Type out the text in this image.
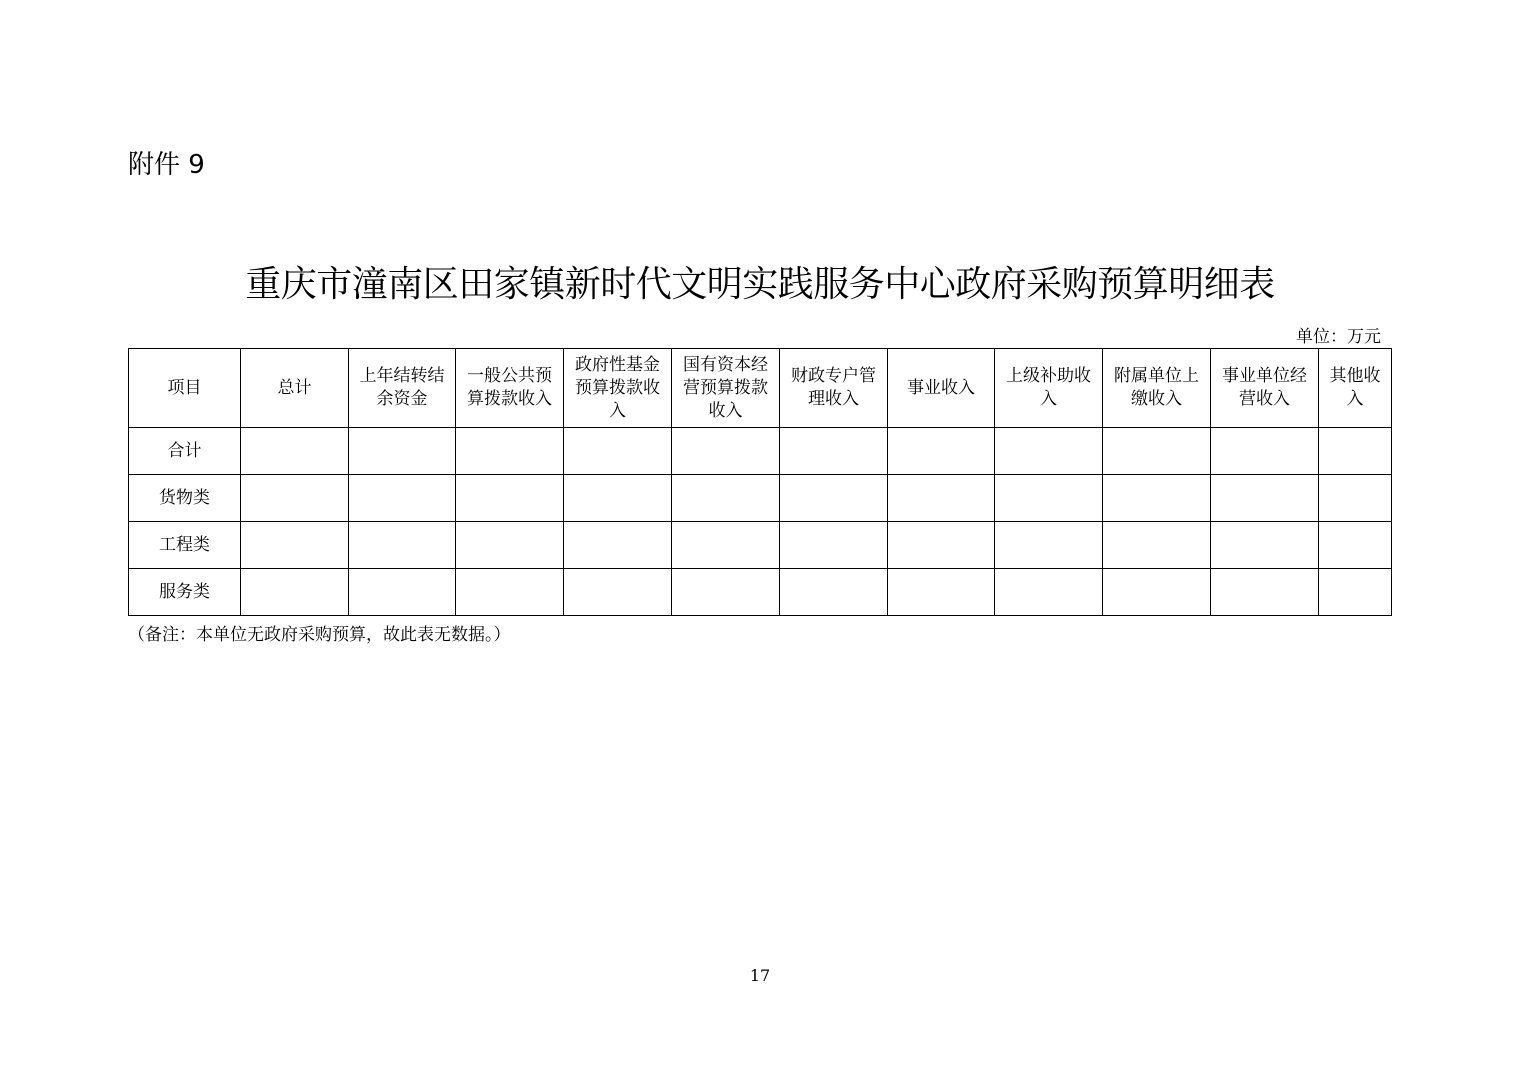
附件 9
重庆市潼南区田家镇新时代文明实践服务中心政府采购预算明细表
单位：万元
项目	总计	上年结转结余资金	一般公共预算拨款收入	政府性基金预算拨款收入	国有资本经营预算拨款收入	财政专户管理收入	事业收入	上级补助收入	附属单位上缴收入	事业单位经营收入	其他收入
合计											
货物类											
工程类											
服务类											
（备注：本单位无政府采购预算，故此表无数据。）
17
